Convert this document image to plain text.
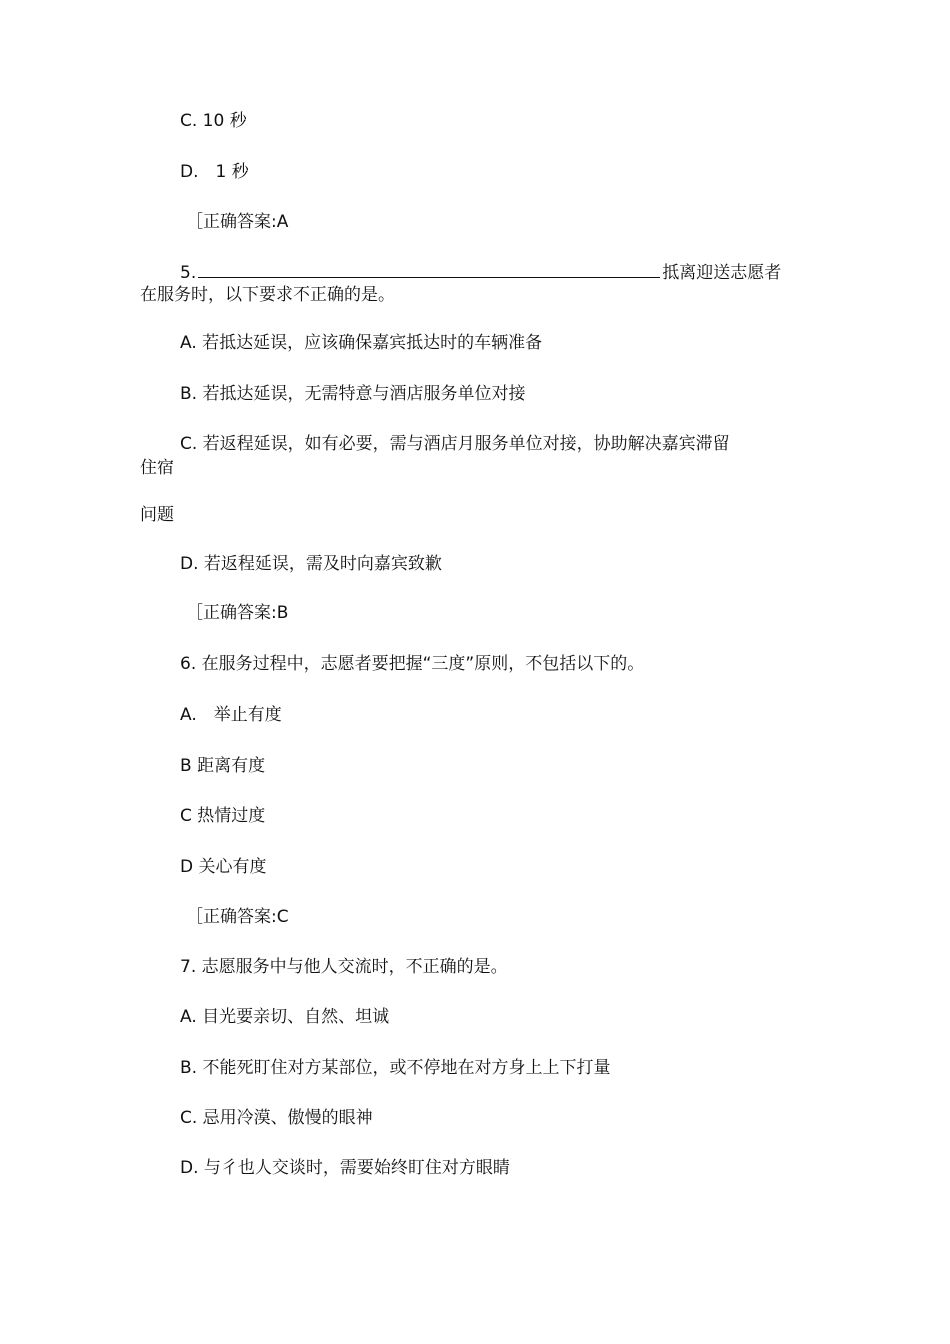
C. 10 秒
D.　1 秒
［正确答案:A
5.	抵离迎送志愿者
在服务时，以下要求不正确的是。
A. 若抵达延误，应该确保嘉宾抵达时的车辆准备
B. 若抵达延误，无需特意与酒店服务单位对接
C. 若返程延误，如有必要，需与酒店月服务单位对接，协助解决嘉宾滞留
住宿
问题
D. 若返程延误，需及时向嘉宾致歉
［正确答案:B
6. 在服务过程中，志愿者要把握“三度”原则，不包括以下的。
A.　举止有度
B 距离有度
C 热情过度
D 关心有度
［正确答案:C
7. 志愿服务中与他人交流时，不正确的是。
A. 目光要亲切、自然、坦诚
B. 不能死盯住对方某部位，或不停地在对方身上上下打量
C. 忌用冷漠、傲慢的眼神
D. 与彳也人交谈时，需要始终盯住对方眼睛
